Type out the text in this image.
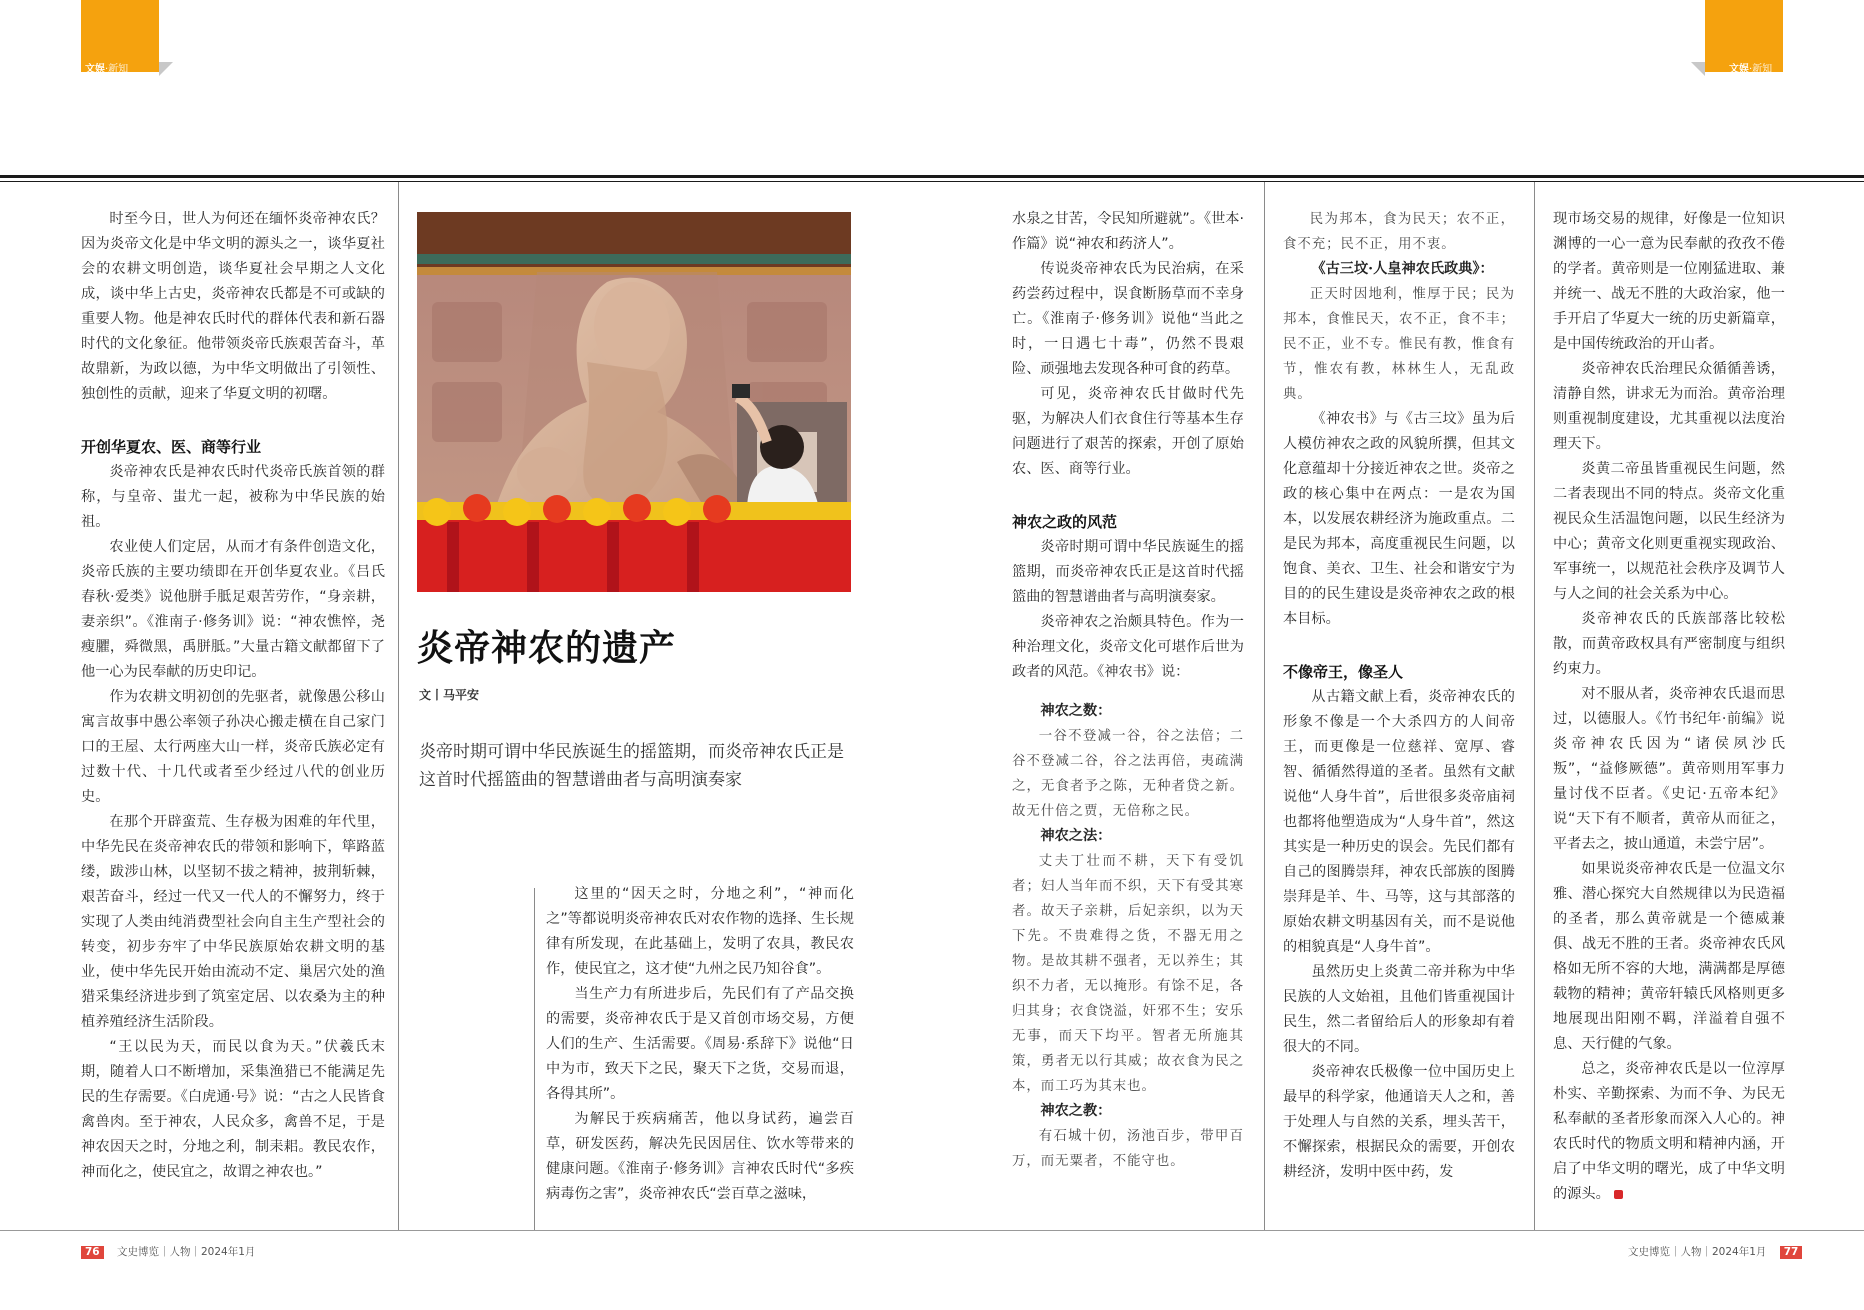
文娱·新知	文娱·新知

时至今日，世人为何还在缅怀炎帝神农氏？因为炎帝文化是中华文明的源头之一，谈华夏社会的农耕文明创造，谈华夏社会早期之人文化成，谈中华上古史，炎帝神农氏都是不可或缺的重要人物。他是神农氏时代的群体代表和新石器时代的文化象征。他带领炎帝氏族艰苦奋斗，革故鼎新，为政以德，为中华文明做出了引领性、独创性的贡献，迎来了华夏文明的初曙。

开创华夏农、医、商等行业

炎帝神农氏是神农氏时代炎帝氏族首领的群称，与皇帝、蚩尤一起，被称为中华民族的始祖。

农业使人们定居，从而才有条件创造文化，炎帝氏族的主要功绩即在开创华夏农业。《吕氏春秋·爱类》说他胼手胝足艰苦劳作，“身亲耕，妻亲织”。《淮南子·修务训》说：“神农憔悴，尧瘦臞，舜微黑，禹胼胝。”大量古籍文献都留下了他一心为民奉献的历史印记。

作为农耕文明初创的先驱者，就像愚公移山寓言故事中愚公率领子孙决心搬走横在自己家门口的王屋、太行两座大山一样，炎帝氏族必定有过数十代、十几代或者至少经过八代的创业历史。

在那个开辟蛮荒、生存极为困难的年代里，中华先民在炎帝神农氏的带领和影响下，筚路蓝缕，跋涉山林，以坚韧不拔之精神，披荆斩棘，艰苦奋斗，经过一代又一代人的不懈努力，终于实现了人类由纯消费型社会向自主生产型社会的转变，初步夯牢了中华民族原始农耕文明的基业，使中华先民开始由流动不定、巢居穴处的渔猎采集经济进步到了筑室定居、以农桑为主的种植养殖经济生活阶段。

“王以民为天，而民以食为天。”伏羲氏末期，随着人口不断增加，采集渔猎已不能满足先民的生存需要。《白虎通·号》说：“古之人民皆食禽兽肉。至于神农，人民众多，禽兽不足，于是神农因天之时，分地之利，制耒耜。教民农作，神而化之，使民宜之，故谓之神农也。”

炎帝神农的遗产
文丨马平安
炎帝时期可谓中华民族诞生的摇篮期，而炎帝神农氏正是这首时代摇篮曲的智慧谱曲者与高明演奏家

这里的“因天之时，分地之利”，“神而化之”等都说明炎帝神农氏对农作物的选择、生长规律有所发现，在此基础上，发明了农具，教民农作，使民宜之，这才使“九州之民乃知谷食”。

当生产力有所进步后，先民们有了产品交换的需要，炎帝神农氏于是又首创市场交易，方便人们的生产、生活需要。《周易·系辞下》说他“日中为市，致天下之民，聚天下之货，交易而退，各得其所”。

为解民于疾病痛苦，他以身试药，遍尝百草，研发医药，解决先民因居住、饮水等带来的健康问题。《淮南子·修务训》言神农氏时代“多疾病毒伤之害”，炎帝神农氏“尝百草之滋味，

水泉之甘苦，令民知所避就”。《世本·作篇》说“神农和药济人”。

传说炎帝神农氏为民治病，在采药尝药过程中，误食断肠草而不幸身亡。《淮南子·修务训》说他“当此之时，一日遇七十毒”，仍然不畏艰险、顽强地去发现各种可食的药草。

可见，炎帝神农氏甘做时代先驱，为解决人们衣食住行等基本生存问题进行了艰苦的探索，开创了原始农、医、商等行业。

神农之政的风范

炎帝时期可谓中华民族诞生的摇篮期，而炎帝神农氏正是这首时代摇篮曲的智慧谱曲者与高明演奏家。

炎帝神农之治颇具特色。作为一种治理文化，炎帝文化可堪作后世为政者的风范。《神农书》说：

神农之数：

一谷不登减一谷，谷之法倍；二谷不登减二谷，谷之法再倍，夷疏满之，无食者予之陈，无种者贷之新。故无什倍之贾，无倍称之民。

神农之法：

丈夫丁壮而不耕，天下有受饥者；妇人当年而不织，天下有受其寒者。故天子亲耕，后妃亲织，以为天下先。不贵难得之货，不器无用之物。是故其耕不强者，无以养生；其织不力者，无以掩形。有馀不足，各归其身；衣食饶溢，奸邪不生；安乐无事，而天下均平。智者无所施其策，勇者无以行其威；故衣食为民之本，而工巧为其末也。

神农之教：

有石城十仞，汤池百步，带甲百万，而无粟者，不能守也。

民为邦本，食为民天；农不正，食不充；民不正，用不衷。

《古三坟·人皇神农氏政典》：

正天时因地利，惟厚于民；民为邦本，食惟民天，农不正，食不丰；民不正，业不专。惟民有教，惟食有节，惟农有教，林林生人，无乱政典。

《神农书》与《古三坟》虽为后人模仿神农之政的风貌所撰，但其文化意蕴却十分接近神农之世。炎帝之政的核心集中在两点：一是农为国本，以发展农耕经济为施政重点。二是民为邦本，高度重视民生问题，以饱食、美衣、卫生、社会和谐安宁为目的的民生建设是炎帝神农之政的根本目标。

不像帝王，像圣人

从古籍文献上看，炎帝神农氏的形象不像是一个大杀四方的人间帝王，而更像是一位慈祥、宽厚、睿智、循循然得道的圣者。虽然有文献说他“人身牛首”，后世很多炎帝庙祠也都将他塑造成为“人身牛首”，然这其实是一种历史的误会。先民们都有自己的图腾崇拜，神农氏部族的图腾崇拜是羊、牛、马等，这与其部落的原始农耕文明基因有关，而不是说他的相貌真是“人身牛首”。

虽然历史上炎黄二帝并称为中华民族的人文始祖，且他们皆重视国计民生，然二者留给后人的形象却有着很大的不同。

炎帝神农氏极像一位中国历史上最早的科学家，他通谙天人之和，善于处理人与自然的关系，埋头苦干，不懈探索，根据民众的需要，开创农耕经济，发明中医中药，发

现市场交易的规律，好像是一位知识渊博的一心一意为民奉献的孜孜不倦的学者。黄帝则是一位刚猛进取、兼并统一、战无不胜的大政治家，他一手开启了华夏大一统的历史新篇章，是中国传统政治的开山者。

炎帝神农氏治理民众循循善诱，清静自然，讲求无为而治。黄帝治理则重视制度建设，尤其重视以法度治理天下。

炎黄二帝虽皆重视民生问题，然二者表现出不同的特点。炎帝文化重视民众生活温饱问题，以民生经济为中心；黄帝文化则更重视实现政治、军事统一，以规范社会秩序及调节人与人之间的社会关系为中心。

炎帝神农氏的氏族部落比较松散，而黄帝政权具有严密制度与组织约束力。

对不服从者，炎帝神农氏退而思过，以德服人。《竹书纪年·前编》说炎帝神农氏因为“诸侯夙沙氏叛”，“益修厥德”。黄帝则用军事力量讨伐不臣者。《史记·五帝本纪》说“天下有不顺者，黄帝从而征之，平者去之，披山通道，未尝宁居”。

如果说炎帝神农氏是一位温文尔雅、潜心探究大自然规律以为民造福的圣者，那么黄帝就是一个德威兼俱、战无不胜的王者。炎帝神农氏风格如无所不容的大地，满满都是厚德载物的精神；黄帝轩辕氏风格则更多地展现出阳刚不羁，洋溢着自强不息、天行健的气象。

总之，炎帝神农氏是以一位淳厚朴实、辛勤探索、为而不争、为民无私奉献的圣者形象而深入人心的。神农氏时代的物质文明和精神内涵，开启了中华文明的曙光，成了中华文明的源头。

76 文史博览｜人物｜2024年1月	文史博览｜人物｜2024年1月 77
